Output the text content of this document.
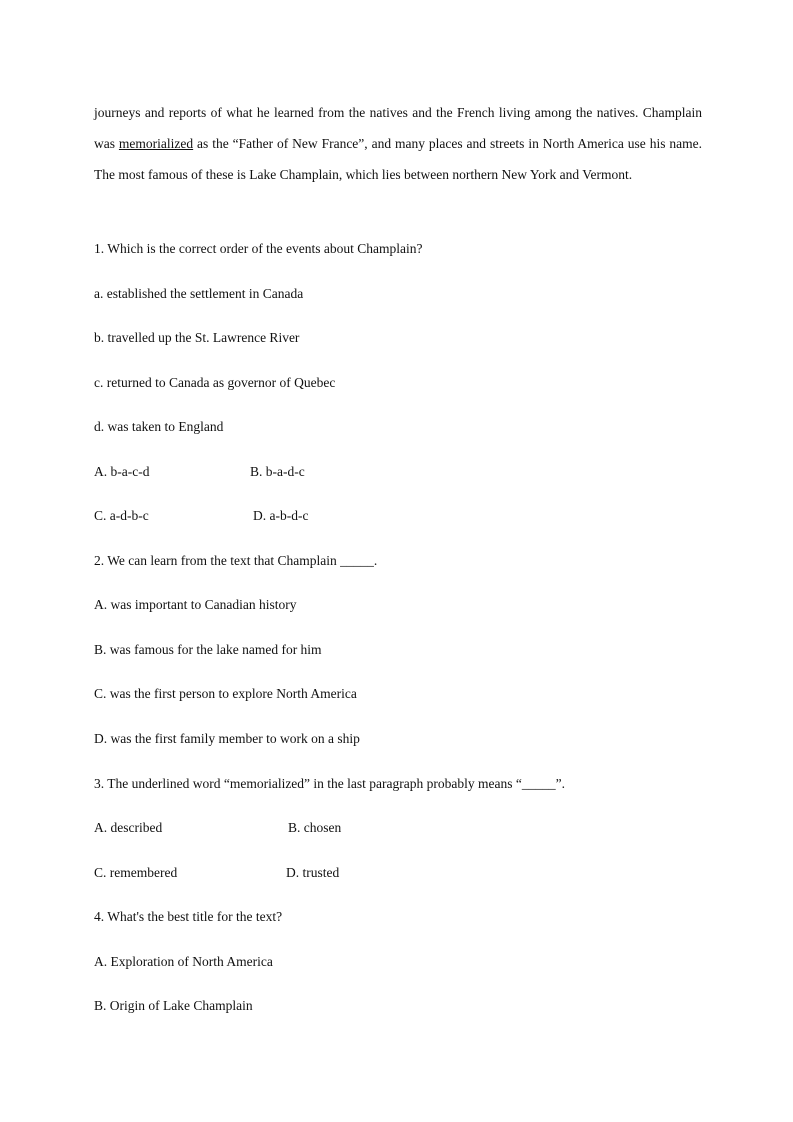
journeys and reports of what he learned from the natives and the French living among the natives. Champlain was memorialized as the “Father of New France”, and many places and streets in North America use his name. The most famous of these is Lake Champlain, which lies between northern New York and Vermont.

1. Which is the correct order of the events about Champlain?
a. established the settlement in Canada
b. travelled up the St. Lawrence River
c. returned to Canada as governor of Quebec
d. was taken to England
A. b-a-c-d	B. b-a-d-c
C. a-d-b-c	D. a-b-d-c
2. We can learn from the text that Champlain _____.
A. was important to Canadian history
B. was famous for the lake named for him
C. was the first person to explore North America
D. was the first family member to work on a ship
3. The underlined word “memorialized” in the last paragraph probably means “_____”.
A. described	B. chosen
C. remembered	D. trusted
4. What's the best title for the text?
A. Exploration of North America
B. Origin of Lake Champlain
